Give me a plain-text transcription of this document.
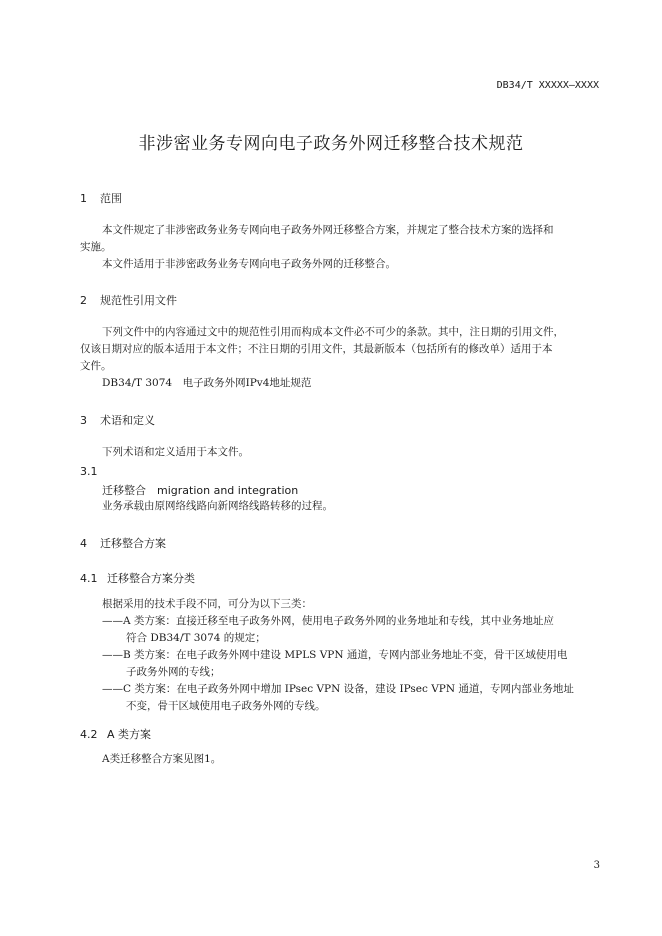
DB34/T XXXXX—XXXX
非涉密业务专网向电子政务外网迁移整合技术规范
1 范围
本文件规定了非涉密政务业务专网向电子政务外网迁移整合方案，并规定了整合技术方案的选择和
实施。
本文件适用于非涉密政务业务专网向电子政务外网的迁移整合。
2 规范性引用文件
下列文件中的内容通过文中的规范性引用而构成本文件必不可少的条款。其中，注日期的引用文件，
仅该日期对应的版本适用于本文件；不注日期的引用文件，其最新版本（包括所有的修改单）适用于本
文件。
DB34/T 3074　电子政务外网IPv4地址规范
3 术语和定义
下列术语和定义适用于本文件。
3.1
迁移整合　migration and integration
业务承载由原网络线路向新网络线路转移的过程。
4 迁移整合方案
4.1 迁移整合方案分类
根据采用的技术手段不同，可分为以下三类：
——A 类方案：直接迁移至电子政务外网，使用电子政务外网的业务地址和专线，其中业务地址应
符合 DB34/T 3074 的规定；
——B 类方案：在电子政务外网中建设 MPLS VPN 通道，专网内部业务地址不变，骨干区域使用电
子政务外网的专线；
——C 类方案：在电子政务外网中增加 IPsec VPN 设备，建设 IPsec VPN 通道，专网内部业务地址
不变，骨干区域使用电子政务外网的专线。
4.2 A 类方案
A类迁移整合方案见图1。
3
